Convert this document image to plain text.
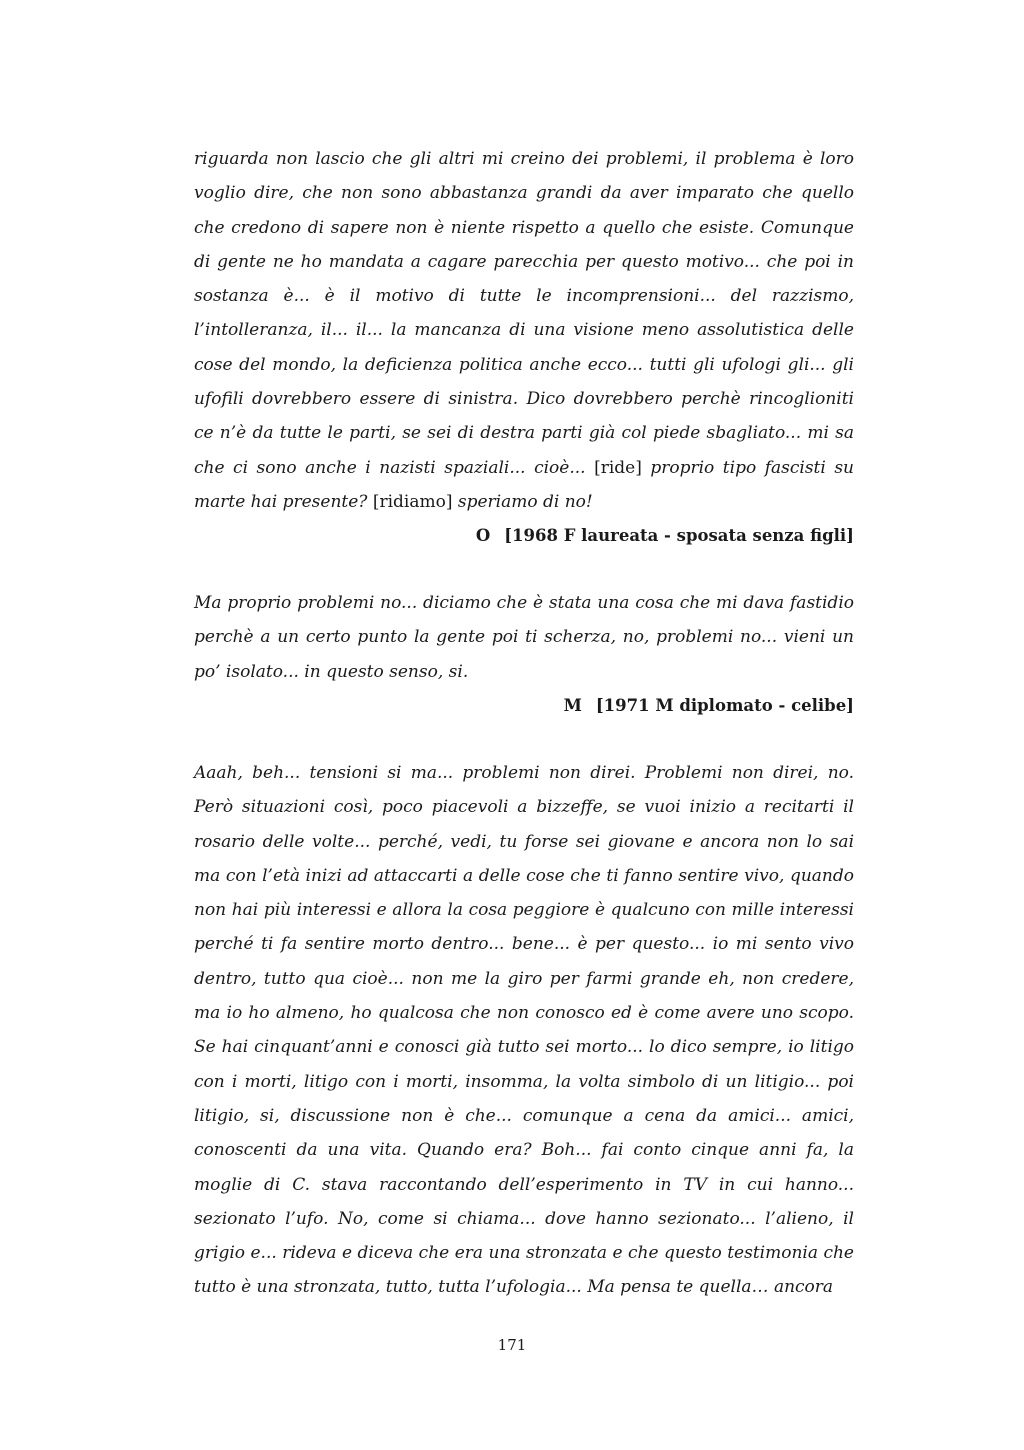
riguarda non lascio che gli altri mi creino dei problemi, il problema è loro voglio dire, che non sono abbastanza grandi da aver imparato che quello che credono di sapere non è niente rispetto a quello che esiste. Comunque di gente ne ho mandata a cagare parecchia per questo motivo... che poi in sostanza è... è il motivo di tutte le incomprensioni... del razzismo, l’intolleranza, il... il... la mancanza di una visione meno assolutistica delle cose del mondo, la deficienza politica anche ecco... tutti gli ufologi gli... gli ufofili dovrebbero essere di sinistra. Dico dovrebbero perchè rincoglioniti ce n’è da tutte le parti, se sei di destra parti già col piede sbagliato... mi sa che ci sono anche i nazisti spaziali... cioè... [ride] proprio tipo fascisti su marte hai presente? [ridiamo] speriamo di no!

O [1968 F laureata - sposata senza figli]

Ma proprio problemi no... diciamo che è stata una cosa che mi dava fastidio perchè a un certo punto la gente poi ti scherza, no, problemi no... vieni un po’ isolato... in questo senso, si.

M [1971 M diplomato - celibe]

Aaah, beh... tensioni si ma... problemi non direi. Problemi non direi, no. Però situazioni così, poco piacevoli a bizzeffe, se vuoi inizio a recitarti il rosario delle volte... perché, vedi, tu forse sei giovane e ancora non lo sai ma con l’età inizi ad attaccarti a delle cose che ti fanno sentire vivo, quando non hai più interessi e allora la cosa peggiore è qualcuno con mille interessi perché ti fa sentire morto dentro... bene... è per questo... io mi sento vivo dentro, tutto qua cioè... non me la giro per farmi grande eh, non credere, ma io ho almeno, ho qualcosa che non conosco ed è come avere uno scopo. Se hai cinquant’anni e conosci già tutto sei morto... lo dico sempre, io litigo con i morti, litigo con i morti, insomma, la volta simbolo di un litigio... poi litigio, si, discussione non è che... comunque a cena da amici... amici, conoscenti da una vita. Quando era? Boh... fai conto cinque anni fa, la moglie di C. stava raccontando dell’esperimento in TV in cui hanno... sezionato l’ufo. No, come si chiama... dove hanno sezionato... l’alieno, il grigio e... rideva e diceva che era una stronzata e che questo testimonia che tutto è una stronzata, tutto, tutta l’ufologia... Ma pensa te quella… ancora

171
